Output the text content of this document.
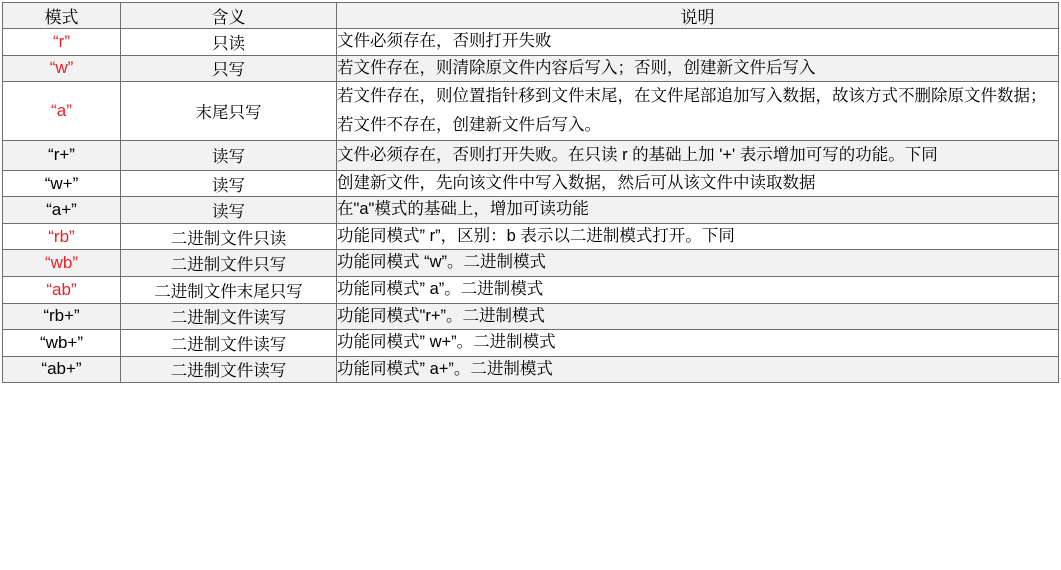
模式	含义	说明
“r”	只读	文件必须存在，否则打开失败
“w”	只写	若文件存在，则清除原文件内容后写入；否则，创建新文件后写入
“a”	末尾只写	若文件存在，则位置指针移到文件末尾，在文件尾部追加写入数据，故该方式不删除原文件数据；若文件不存在，创建新文件后写入。
“r+”	读写	文件必须存在，否则打开失败。在只读 r 的基础上加 '+' 表示增加可写的功能。下同
“w+”	读写	创建新文件，先向该文件中写入数据，然后可从该文件中读取数据
“a+”	读写	在"a"模式的基础上，增加可读功能
“rb”	二进制文件只读	功能同模式” r”，区别：b 表示以二进制模式打开。下同
“wb”	二进制文件只写	功能同模式 “w”。二进制模式
“ab”	二进制文件末尾只写	功能同模式” a”。二进制模式
“rb+”	二进制文件读写	功能同模式"r+”。二进制模式
“wb+”	二进制文件读写	功能同模式” w+”。二进制模式
“ab+”	二进制文件读写	功能同模式” a+”。二进制模式
